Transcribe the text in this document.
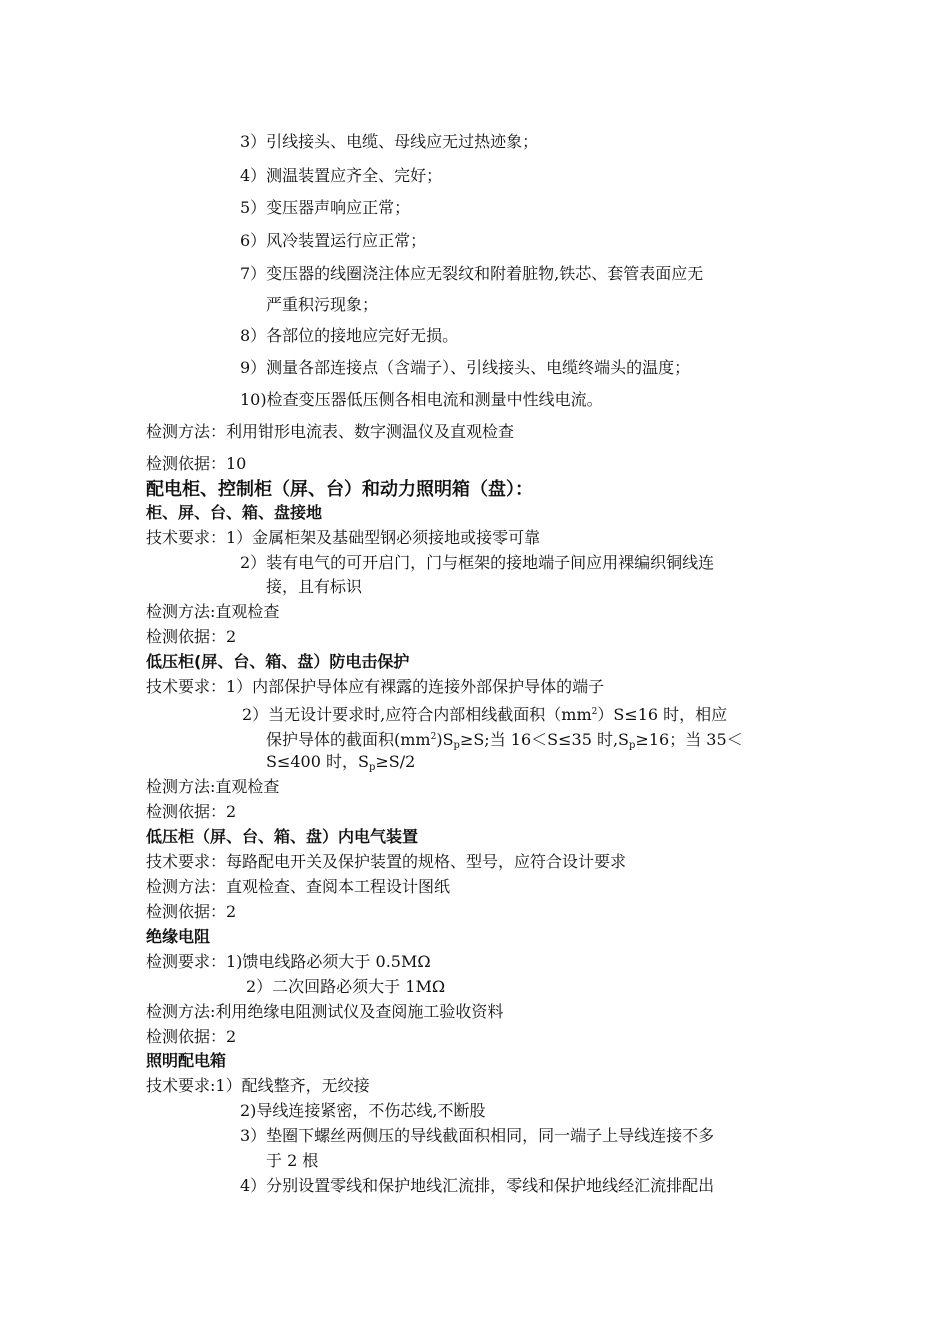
3）引线接头、电缆、母线应无过热迹象；
4）测温装置应齐全、完好；
5）变压器声响应正常；
6）风冷装置运行应正常；
7）变压器的线圈浇注体应无裂纹和附着脏物,铁芯、套管表面应无
严重积污现象；
8）各部位的接地应完好无损。
9）测量各部连接点（含端子）、引线接头、电缆终端头的温度；
10)检查变压器低压侧各相电流和测量中性线电流。
检测方法：利用钳形电流表、数字测温仪及直观检查
检测依据：10
配电柜、控制柜（屏、台）和动力照明箱（盘）：
柜、屏、台、箱、盘接地
技术要求：1）金属柜架及基础型钢必须接地或接零可靠
2）装有电气的可开启门，门与框架的接地端子间应用裸编织铜线连
接，且有标识
检测方法:直观检查
检测依据：2
低压柜(屏、台、箱、盘）防电击保护
技术要求：1）内部保护导体应有裸露的连接外部保护导体的端子
2）当无设计要求时,应符合内部相线截面积$(mm^2)S\le 16$ 时，相应
保护导体的截面积$(mm^2)S_p\ge S$;当 16＜S≤35 时$,S_p\ge 16$；当 35＜
S≤400 时，$S_p\ge S/2$
检测方法:直观检查
检测依据：2
低压柜（屏、台、箱、盘）内电气装置
技术要求：每路配电开关及保护装置的规格、型号，应符合设计要求
检测方法：直观检查、查阅本工程设计图纸
检测依据：2
绝缘电阻
检测要求：1)馈电线路必须大于 0.5MΩ
2）二次回路必须大于 1MΩ
检测方法:利用绝缘电阻测试仪及查阅施工验收资料
检测依据：2
照明配电箱
技术要求:1）配线整齐，无绞接
2)导线连接紧密，不伤芯线,不断股
3）垫圈下螺丝两侧压的导线截面积相同，同一端子上导线连接不多
于 2 根
4）分别设置零线和保护地线汇流排，零线和保护地线经汇流排配出
